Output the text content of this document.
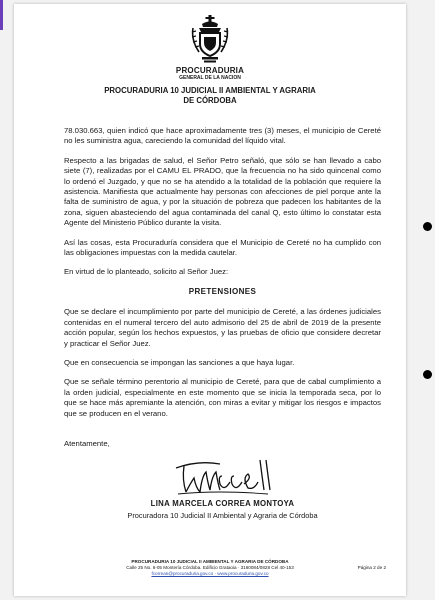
PROCURADURIA
GENERAL DE LA NACION
PROCURADURIA 10 JUDICIAL II AMBIENTAL Y AGRARIA
DE CÓRDOBA

78.030.663, quien indicó que hace aproximadamente tres (3) meses, el municipio de Cereté no les suministra agua, careciendo la comunidad del líquido vital.

Respecto a las brigadas de salud, el Señor Petro señaló, que sólo se han llevado a cabo siete (7), realizadas por el CAMU EL PRADO, que la frecuencia no ha sido quincenal como lo ordenó el Juzgado, y que no se ha atendido a la totalidad de la población que requiere la asistencia. Manifiesta que actualmente hay personas con afecciones de piel porque ante la falta de suministro de agua, y por la situación de pobreza que padecen los habitantes de la zona, siguen abasteciendo del agua contaminada del canal Q, esto último lo constatar esta Agente del Ministerio Público durante la visita.

Así las cosas, esta Procuraduría considera que el Municipio de Cereté no ha cumplido con las obligaciones impuestas con la medida cautelar.

En virtud de lo planteado, solicito al Señor Juez:

PRETENSIONES

Que se declare el incumplimiento por parte del municipio de Cereté, a las órdenes judiciales contenidas en el numeral tercero del auto admisorio del 25 de abril de 2019 de la presente acción popular, según los hechos expuestos, y las pruebas de oficio que considere decretar y practicar el Señor Juez.

Que en consecuencia se impongan las sanciones a que haya lugar.

Que se señale término perentorio al municipio de Cereté, para que de cabal cumplimiento a la orden judicial, especialmente en este momento que se inicia la temporada seca, por lo que se hace más apremiante la atención, con miras a evitar y mitigar los riesgos e impactos que se producen en el verano.

Atentamente,

LINA MARCELA CORREA MONTOYA
Procuradora 10 Judicial II Ambiental y Agraria de Córdoba
PROCURADURIA 10 JUDICIAL II AMBIENTAL Y AGRARIA DE CÓRDOBA
Calle 25 No. 6-05 Montería Córdoba. Edificio Grataoia · 3160084/0828 Cel 40-153
fcorrean@procuraduria.gov.co · www.procuraduria.gov.co
Página 2 de 2
